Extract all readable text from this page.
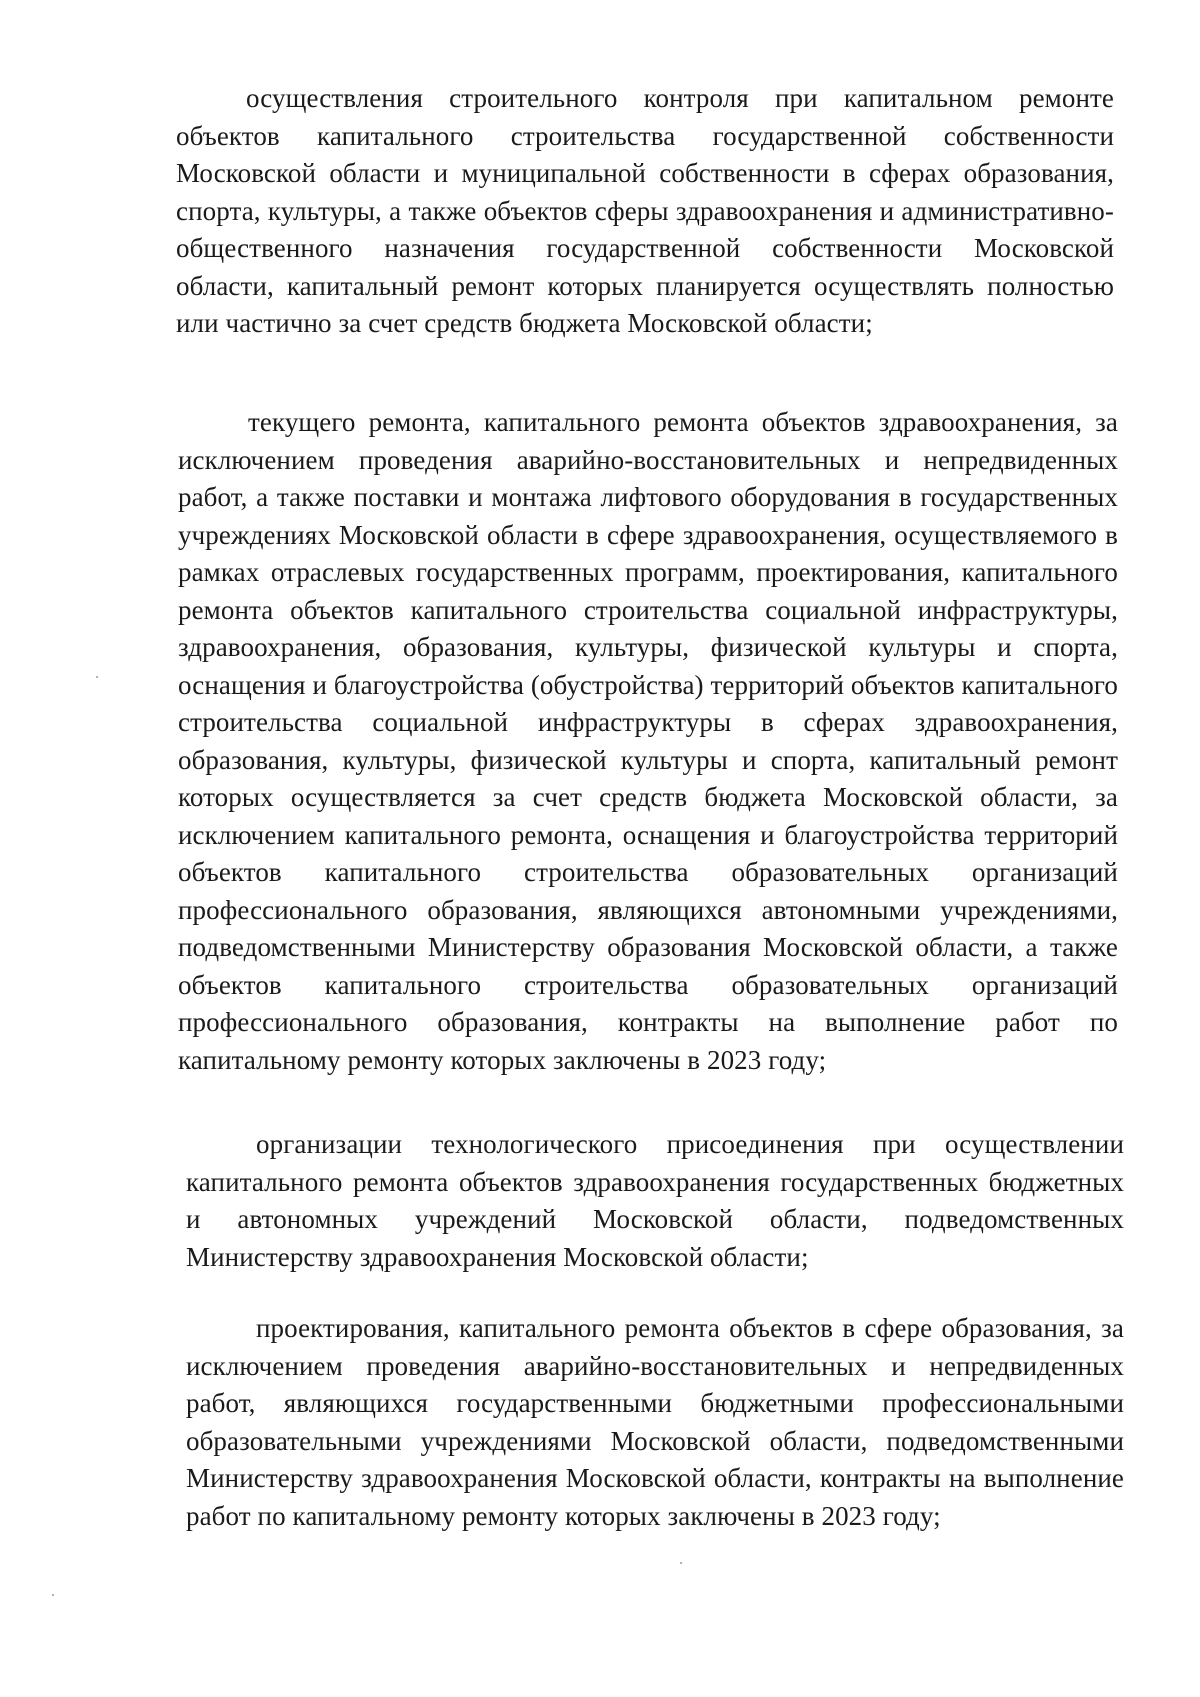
осуществления строительного контроля при капитальном ремонте объектов капитального строительства государственной собственности Московской области и муниципальной собственности в сферах образования, спорта, культуры, а также объектов сферы здравоохранения и административно-общественного назначения государственной собственности Московской области, капитальный ремонт которых планируется осуществлять полностью или частично за счет средств бюджета Московской области;

текущего ремонта, капитального ремонта объектов здравоохранения, за исключением проведения аварийно-восстановительных и непредвиденных работ, а также поставки и монтажа лифтового оборудования в государственных учреждениях Московской области в сфере здравоохранения, осуществляемого в рамках отраслевых государственных программ, проектирования, капитального ремонта объектов капитального строительства социальной инфраструктуры, здравоохранения, образования, культуры, физической культуры и спорта, оснащения и благоустройства (обустройства) территорий объектов капитального строительства социальной инфраструктуры в сферах здравоохранения, образования, культуры, физической культуры и спорта, капитальный ремонт которых осуществляется за счет средств бюджета Московской области, за исключением капитального ремонта, оснащения и благоустройства территорий объектов капитального строительства образовательных организаций профессионального образования, являющихся автономными учреждениями, подведомственными Министерству образования Московской области, а также объектов капитального строительства образовательных организаций профессионального образования, контракты на выполнение работ по капитальному ремонту которых заключены в 2023 году;

организации технологического присоединения при осуществлении капитального ремонта объектов здравоохранения государственных бюджетных и автономных учреждений Московской области, подведомственных Министерству здравоохранения Московской области;

проектирования, капитального ремонта объектов в сфере образования, за исключением проведения аварийно-восстановительных и непредвиденных работ, являющихся государственными бюджетными профессиональными образовательными учреждениями Московской области, подведомственными Министерству здравоохранения Московской области, контракты на выполнение работ по капитальному ремонту которых заключены в 2023 году;
